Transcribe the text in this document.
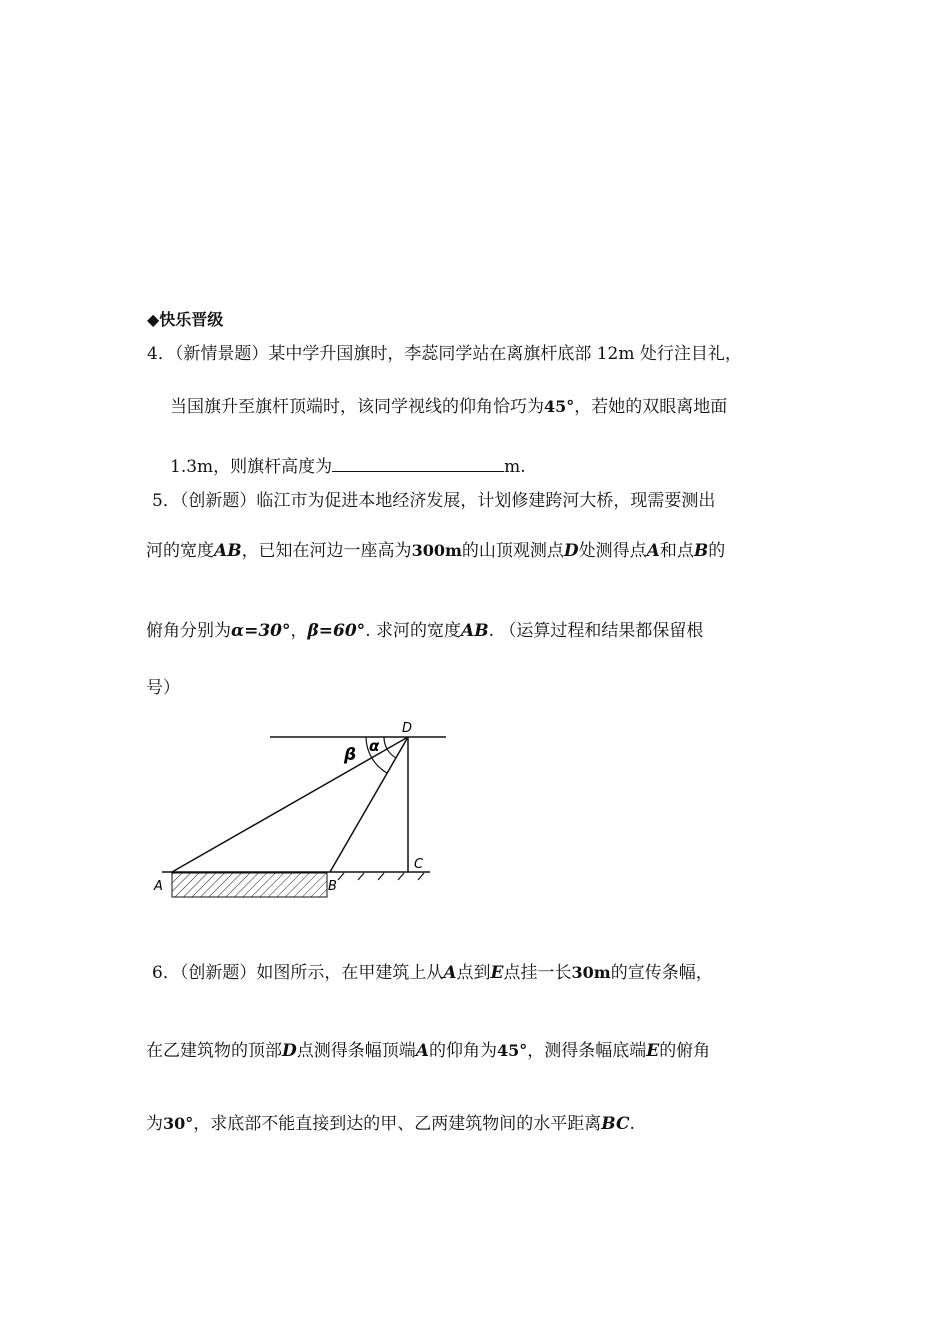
◆快乐晋级
4．（新情景题）某中学升国旗时，李蕊同学站在离旗杆底部 12m 处行注目礼，
当国旗升至旗杆顶端时，该同学视线的仰角恰巧为45°，若她的双眼离地面
1.3m，则旗杆高度为	m.
5．（创新题）临江市为促进本地经济发展，计划修建跨河大桥，现需要测出
河的宽度AB，已知在河边一座高为300m的山顶观测点D处测得点A和点B的
俯角分别为α=30°，β=60°. 求河的宽度AB. （运算过程和结果都保留根
号）
D
C
A	B
α
β
6．（创新题）如图所示，在甲建筑上从A点到E点挂一长30m的宣传条幅，
在乙建筑物的顶部D点测得条幅顶端A的仰角为45°，测得条幅底端E的俯角
为30°，求底部不能直接到达的甲、乙两建筑物间的水平距离BC.
